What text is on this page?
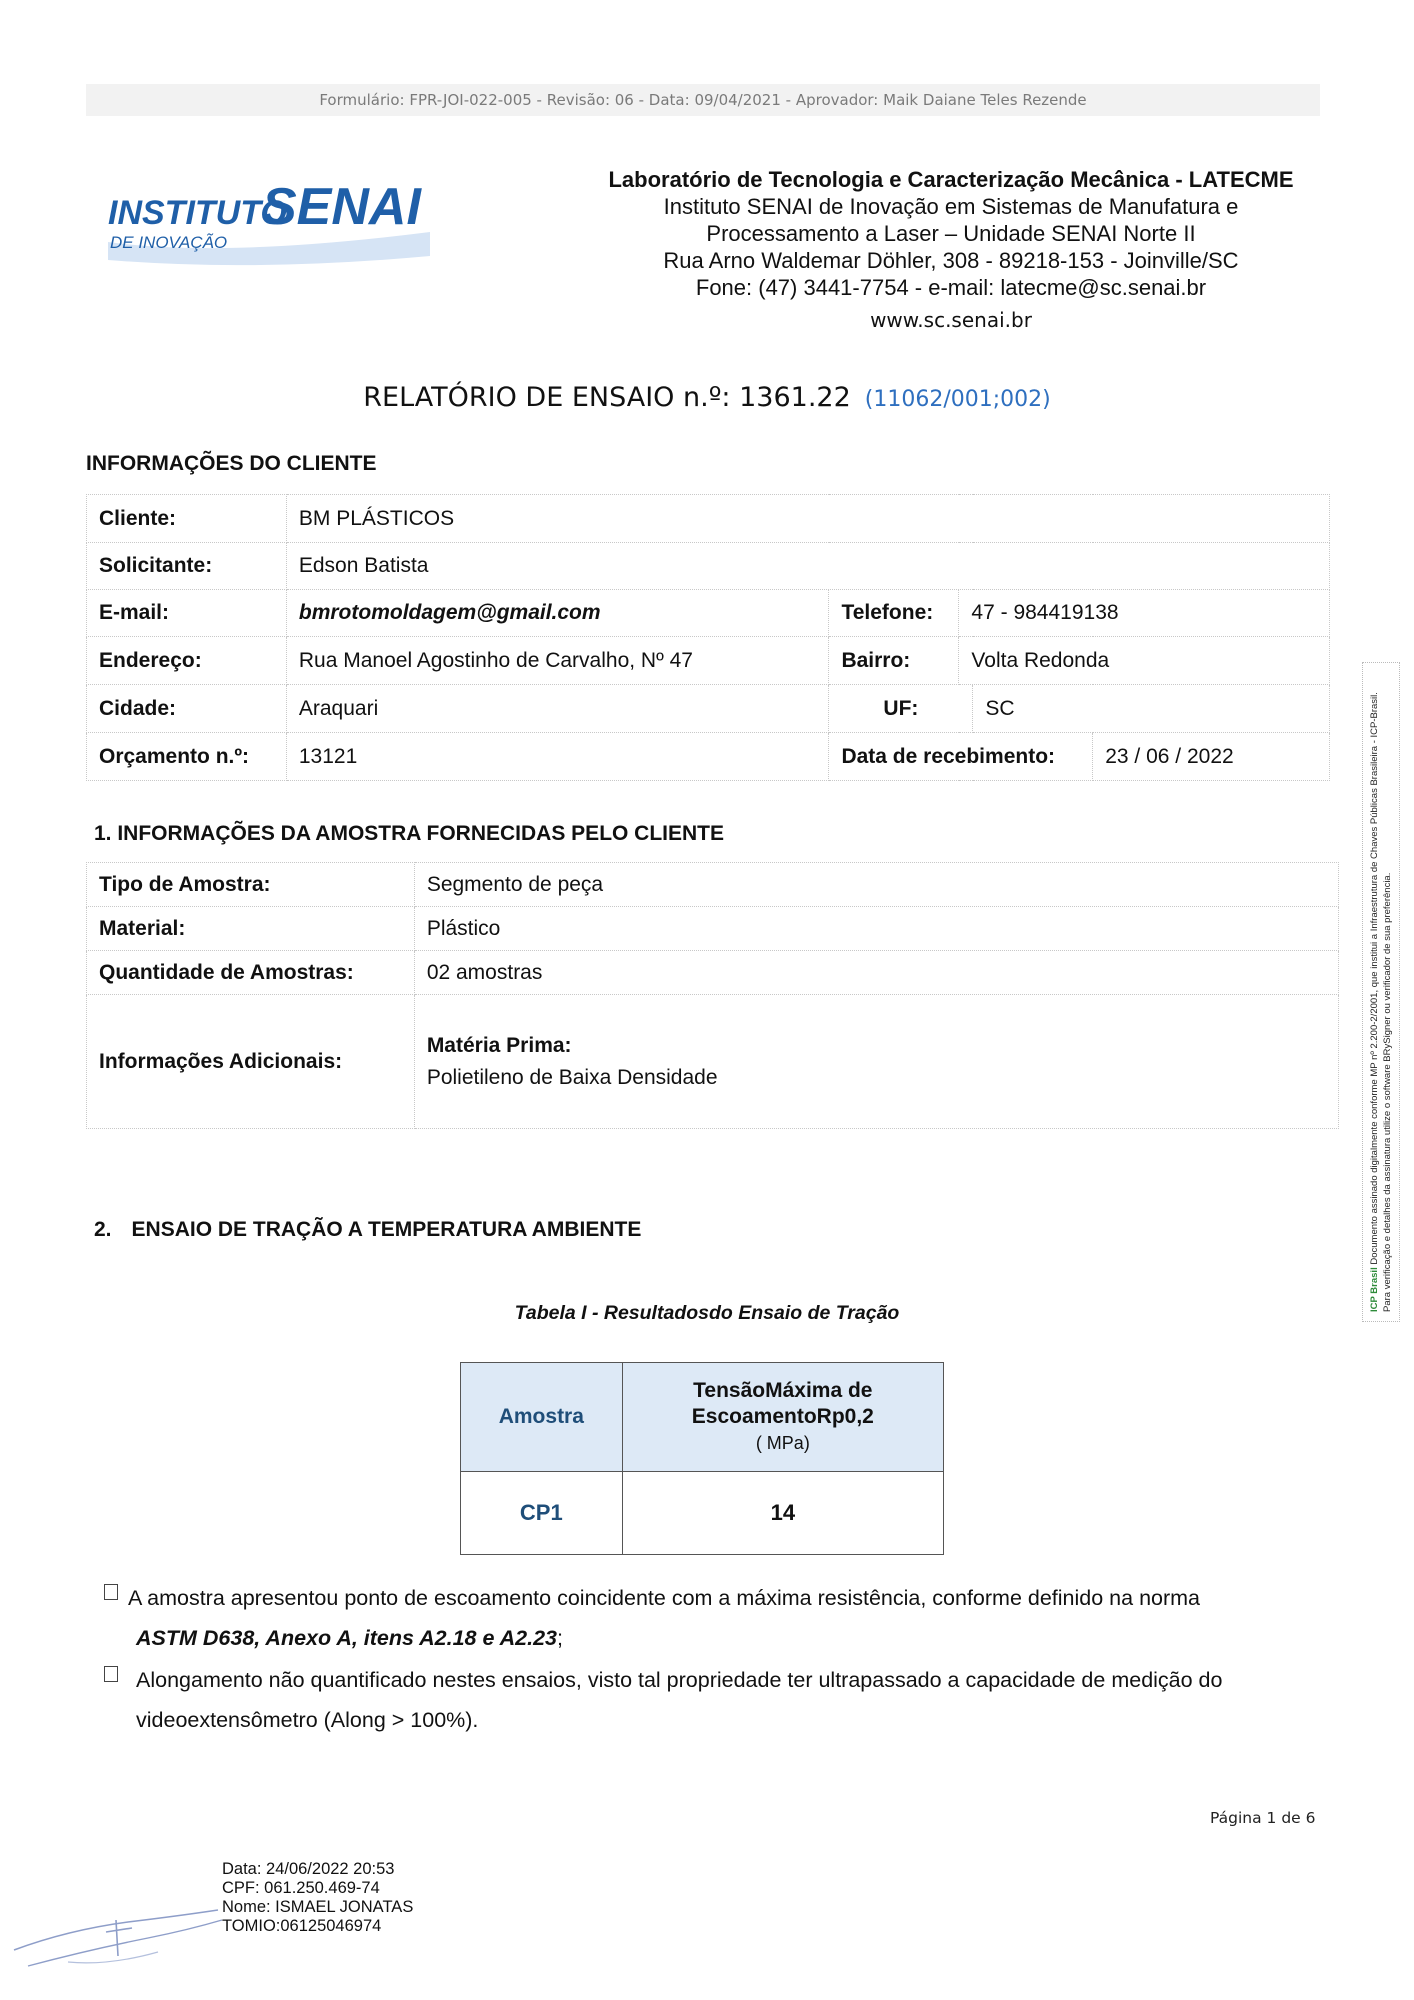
Formulário: FPR-JOI-022-005 - Revisão: 06 - Data: 09/04/2021 - Aprovador: Maik Daiane Teles Rezende
INSTITUTO
SENAI
DE INOVAÇÃO
Laboratório de Tecnologia e Caracterização Mecânica - LATECME
Instituto SENAI de Inovação em Sistemas de Manufatura e
Processamento a Laser – Unidade SENAI Norte II
Rua Arno Waldemar Döhler, 308 - 89218-153 - Joinville/SC
Fone: (47) 3441-7754 - e-mail: latecme@sc.senai.br
www.sc.senai.br
RELATÓRIO DE ENSAIO n.º: 1361.22 (11062/001;002)
INFORMAÇÕES DO CLIENTE
Cliente:	BM PLÁSTICOS				
Solicitante:	Edson Batista				
E-mail:	bmrotomoldagem@gmail.com	Telefone:	47 - 984419138		
Endereço:	Rua Manoel Agostinho de Carvalho, Nº 47	Bairro:	Volta Redonda		
Cidade:	Araquari	UF:		SC	
Orçamento n.º:	13121	Data de recebimento:			23 / 06 / 2022
1. INFORMAÇÕES DA AMOSTRA FORNECIDAS PELO CLIENTE
Tipo de Amostra:	Segmento de peça
Material:	Plástico
Quantidade de Amostras:	02 amostras
Informações Adicionais:	Matéria Prima:
Polietileno de Baixa Densidade
2. ENSAIO DE TRAÇÃO A TEMPERATURA AMBIENTE
Tabela I - Resultadosdo Ensaio de Tração
Amostra	TensãoMáxima de
EscoamentoRp0,2
( MPa)

CP1	14
A amostra apresentou ponto de escoamento coincidente com a máxima resistência, conforme definido na norma
ASTM D638, Anexo A, itens A2.18 e A2.23;
Alongamento não quantificado nestes ensaios, visto tal propriedade ter ultrapassado a capacidade de medição do
videoextensômetro (Along > 100%).
ICP Brasil Documento assinado digitalmente conforme MP nº 2.200-2/2001, que institui a Infraestrutura de Chaves Públicas Brasileira - ICP-Brasil. Para verificação e detalhes da assinatura utilize o software BRySigner ou verificador de sua preferência.
Página 1 de 6
Data: 24/06/2022 20:53
CPF: 061.250.469-74
Nome: ISMAEL JONATAS
TOMIO:06125046974
